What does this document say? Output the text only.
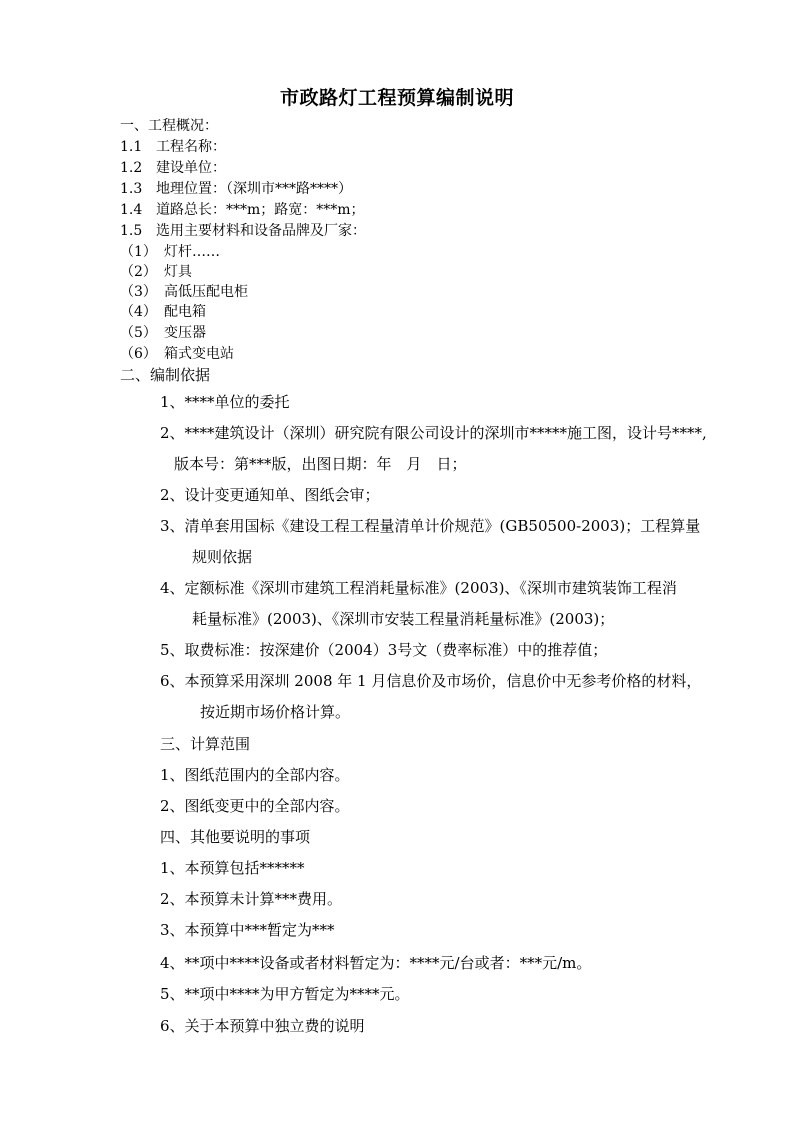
市政路灯工程预算编制说明
一、工程概况：
1.1 工程名称：
1.2 建设单位：
1.3 地理位置：（深圳市***路****）
1.4 道路总长：***m；路宽：***m；
1.5 选用主要材料和设备品牌及厂家：
（1） 灯杆……
（2） 灯具
（3） 高低压配电柜
（4） 配电箱
（5） 变压器
（6） 箱式变电站
二、编制依据
1、****单位的委托
2、****建筑设计（深圳）研究院有限公司设计的深圳市*****施工图，设计号****,
版本号：第***版，出图日期：年　月　日；
2、设计变更通知单、图纸会审；
3、清单套用国标《建设工程工程量清单计价规范》(GB50500-2003)；工程算量
规则依据
4、定额标准《深圳市建筑工程消耗量标准》(2003)、《深圳市建筑装饰工程消
耗量标准》(2003)、《深圳市安装工程量消耗量标准》(2003)；
5、取费标准：按深建价（2004）3号文（费率标准）中的推荐值；
6、本预算采用深圳 2008 年 1 月信息价及市场价，信息价中无参考价格的材料，
按近期市场价格计算。
三、计算范围
1、图纸范围内的全部内容。
2、图纸变更中的全部内容。
四、其他要说明的事项
1、本预算包括******
2、本预算未计算***费用。
3、本预算中***暂定为***
4、**项中****设备或者材料暂定为：****元/台或者：***元/m。
5、**项中****为甲方暂定为****元。
6、关于本预算中独立费的说明
